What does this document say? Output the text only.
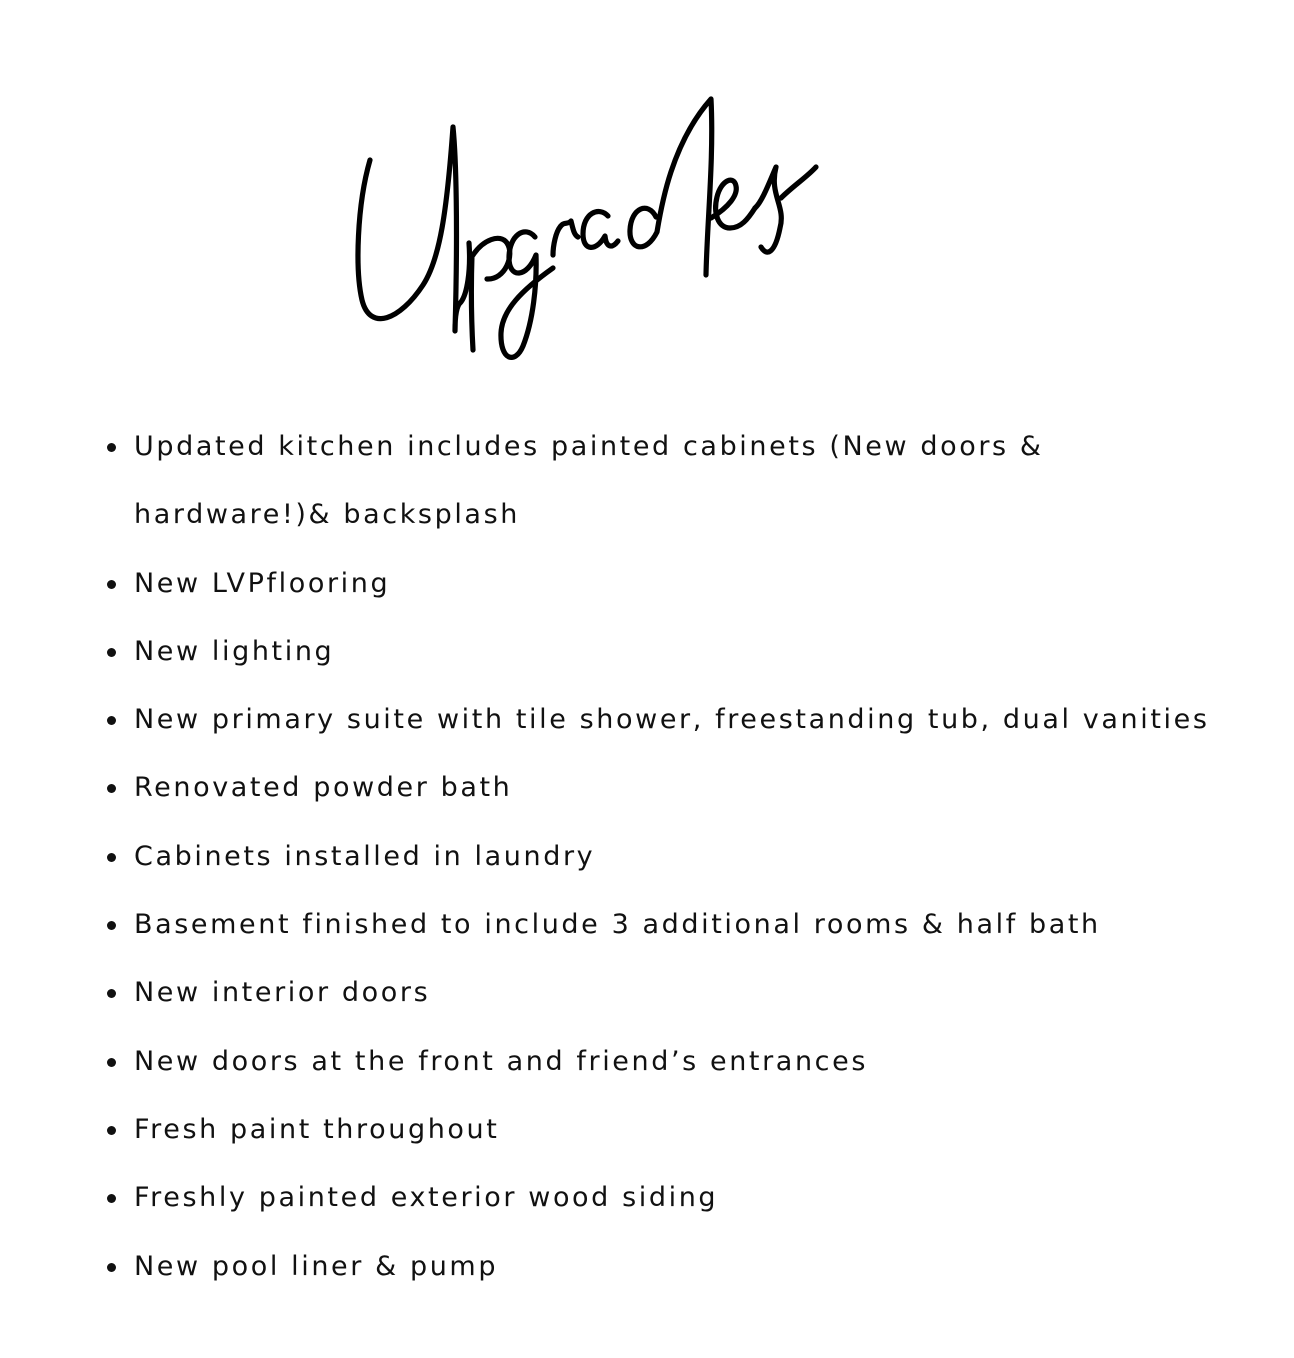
Updated kitchen includes painted cabinets (New doors & hardware!)& backsplash
New LVPflooring
New lighting
New primary suite with tile shower, freestanding tub, dual vanities
Renovated powder bath
Cabinets installed in laundry
Basement finished to include 3 additional rooms & half bath
New interior doors
New doors at the front and friend’s entrances
Fresh paint throughout
Freshly painted exterior wood siding
New pool liner & pump
